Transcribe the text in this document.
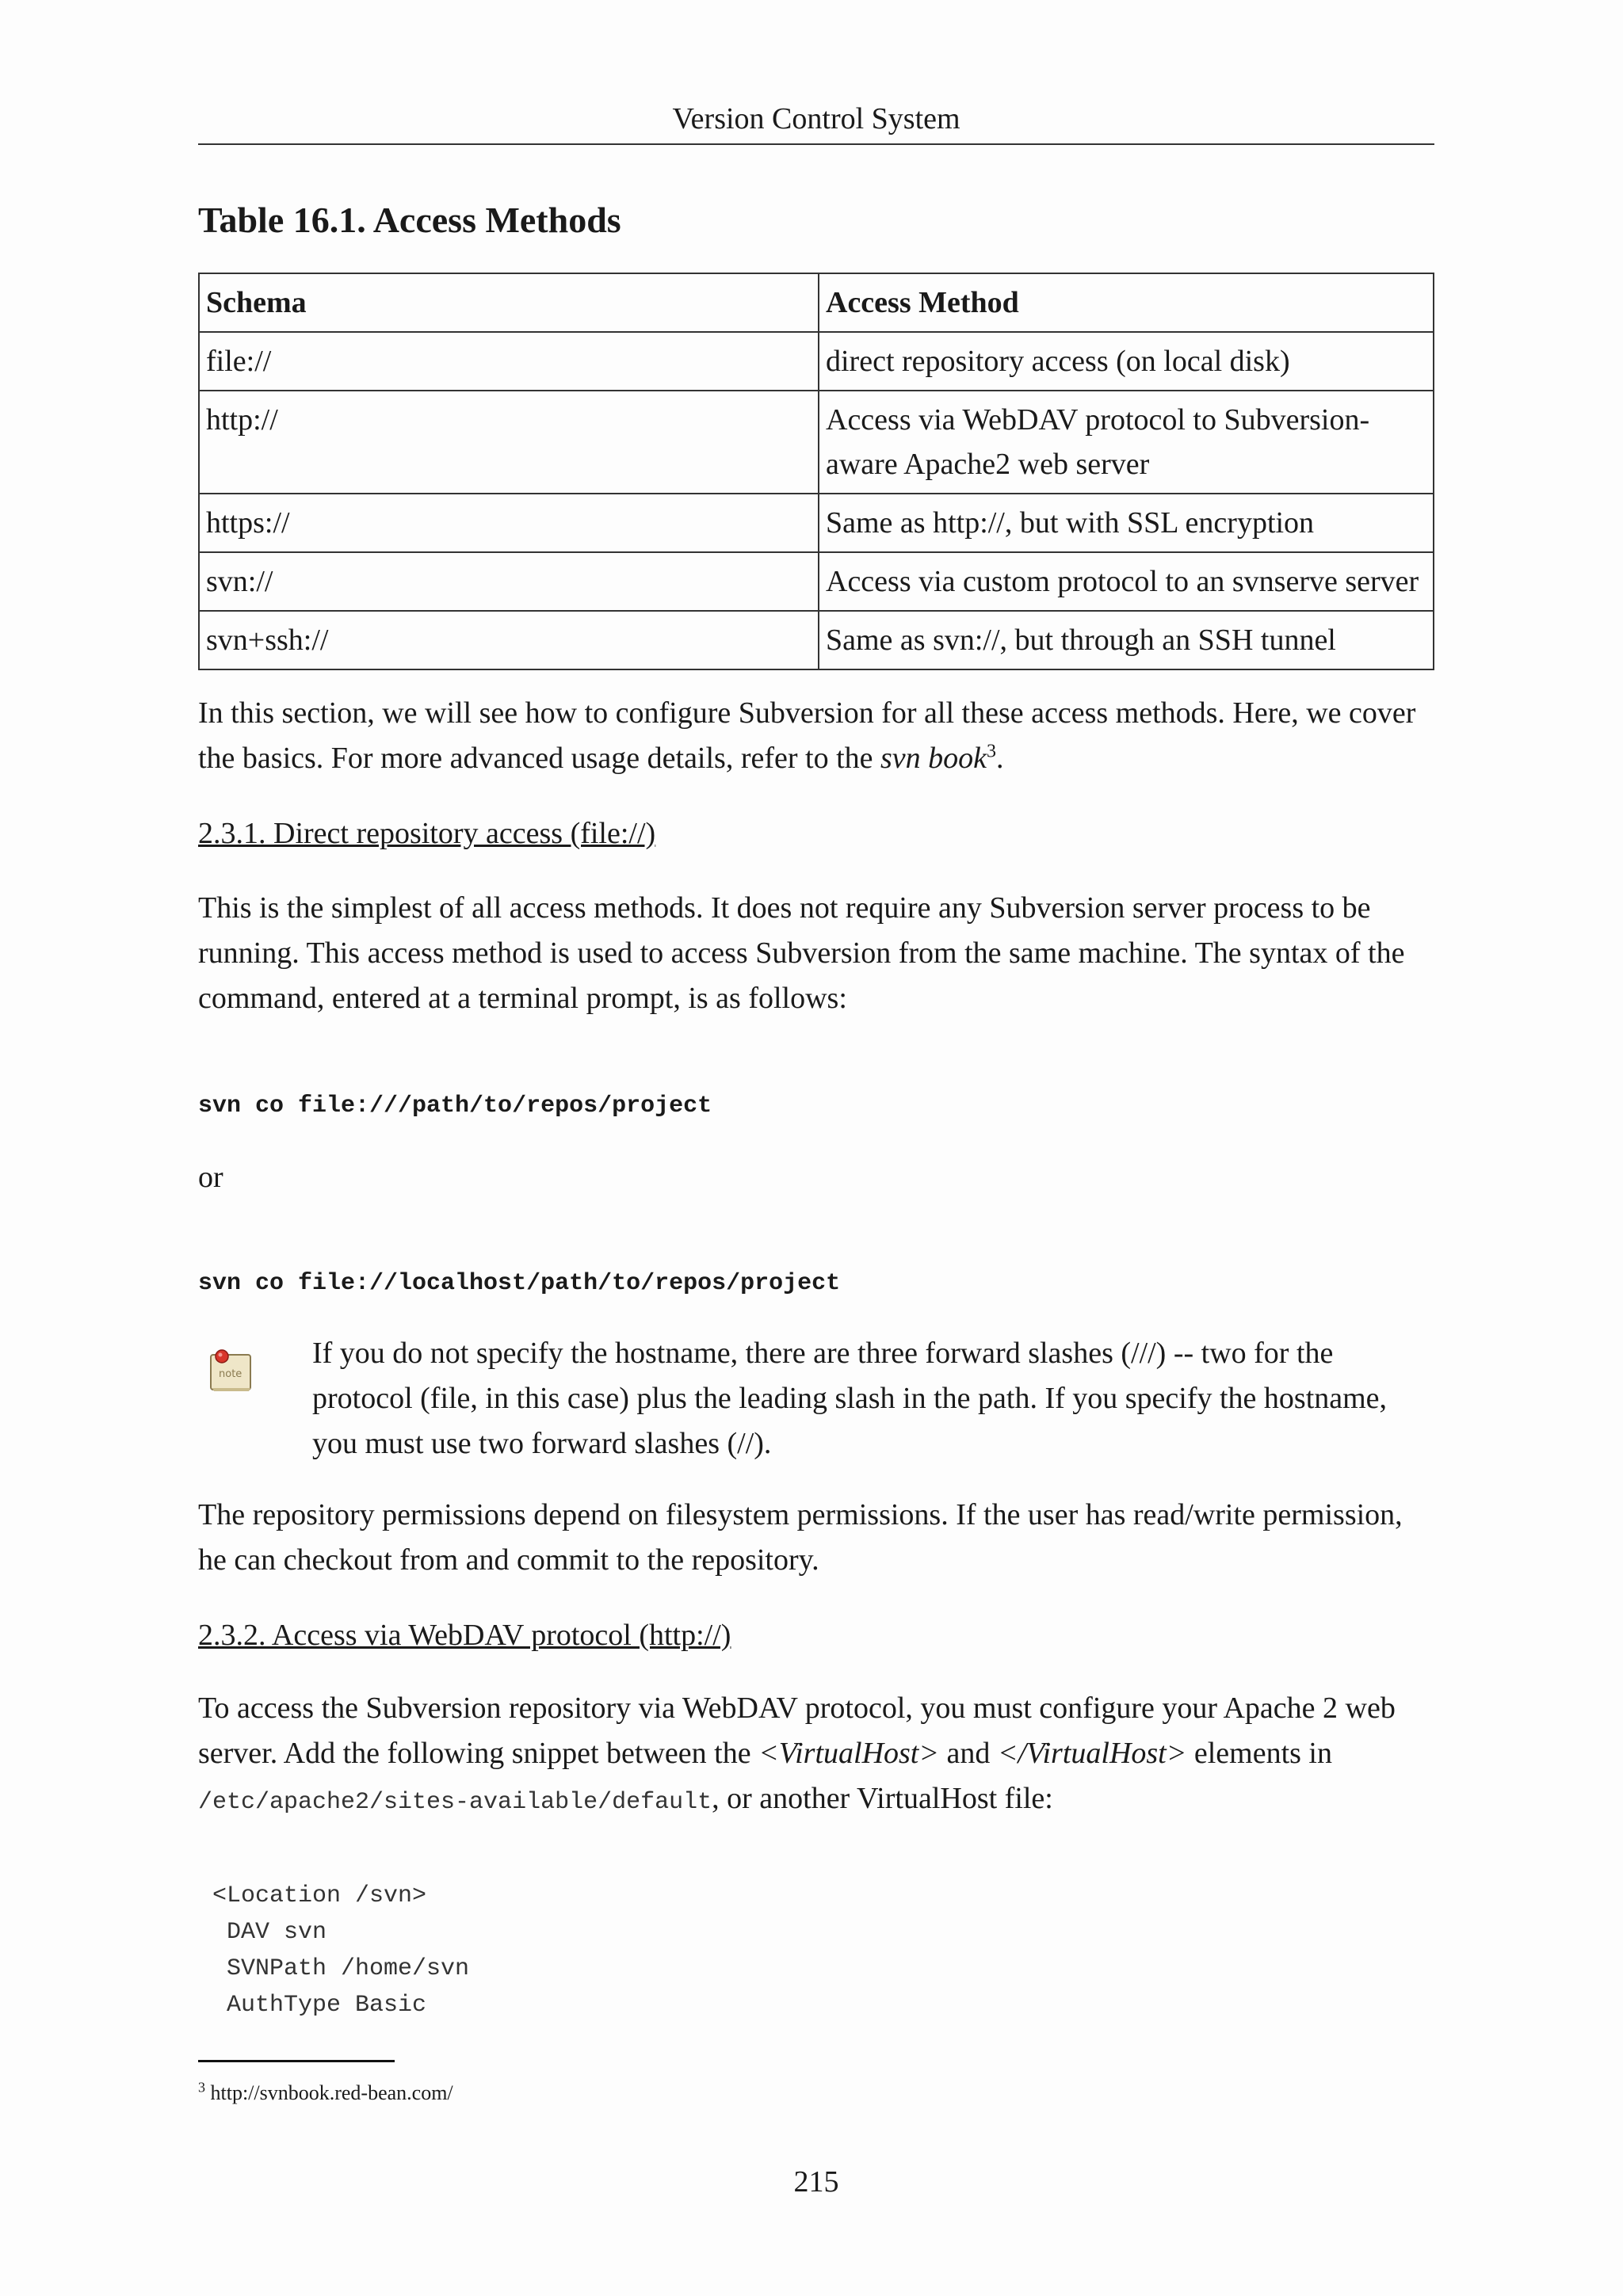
Version Control System
Table 16.1. Access Methods
Schema	Access Method
file://	direct repository access (on local disk)
http://	Access via WebDAV protocol to Subversion-aware Apache2 web server
https://	Same as http://, but with SSL encryption
svn://	Access via custom protocol to an svnserve server
svn+ssh://	Same as svn://, but through an SSH tunnel

In this section, we will see how to configure Subversion for all these access methods. Here, we cover the basics. For more advanced usage details, refer to the svn book$^3$.

2.3.1. Direct repository access (file://)

This is the simplest of all access methods. It does not require any Subversion server process to be running. This access method is used to access Subversion from the same machine. The syntax of the command, entered at a terminal prompt, is as follows:

svn co file:///path/to/repos/project

or

svn co file://localhost/path/to/repos/project

note

If you do not specify the hostname, there are three forward slashes (///) -- two for the protocol (file, in this case) plus the leading slash in the path. If you specify the hostname, you must use two forward slashes (//).

The repository permissions depend on filesystem permissions. If the user has read/write permission, he can checkout from and commit to the repository.

2.3.2. Access via WebDAV protocol (http://)

To access the Subversion repository via WebDAV protocol, you must configure your Apache 2 web server. Add the following snippet between the <VirtualHost> and </VirtualHost> elements in /etc/apache2/sites-available/default, or another VirtualHost file:

<Location /svn>
DAV svn
SVNPath /home/svn
AuthType Basic
$^3$ http://svnbook.red-bean.com/
215
